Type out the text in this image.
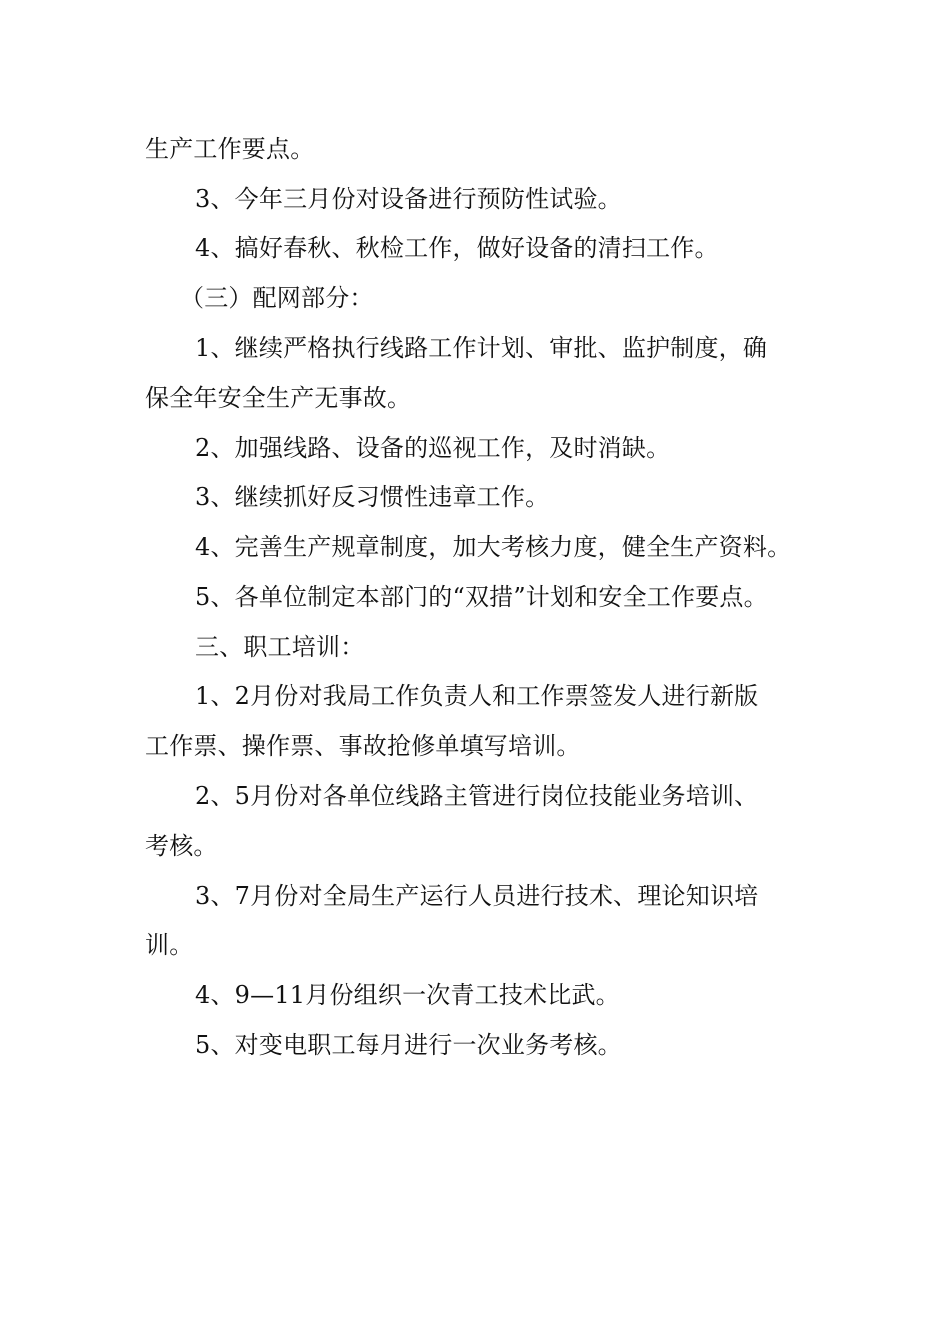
生产工作要点。
3、今年三月份对设备进行预防性试验。
4、搞好春秋、秋检工作，做好设备的清扫工作。
（三）配网部分：
1、继续严格执行线路工作计划、审批、监护制度，确
保全年安全生产无事故。
2、加强线路、设备的巡视工作，及时消缺。
3、继续抓好反习惯性违章工作。
4、完善生产规章制度，加大考核力度，健全生产资料。
5、各单位制定本部门的“双措”计划和安全工作要点。
三、职工培训：
1、2月份对我局工作负责人和工作票签发人进行新版
工作票、操作票、事故抢修单填写培训。
2、5月份对各单位线路主管进行岗位技能业务培训、
考核。
3、7月份对全局生产运行人员进行技术、理论知识培
训。
4、9—11月份组织一次青工技术比武。
5、对变电职工每月进行一次业务考核。
